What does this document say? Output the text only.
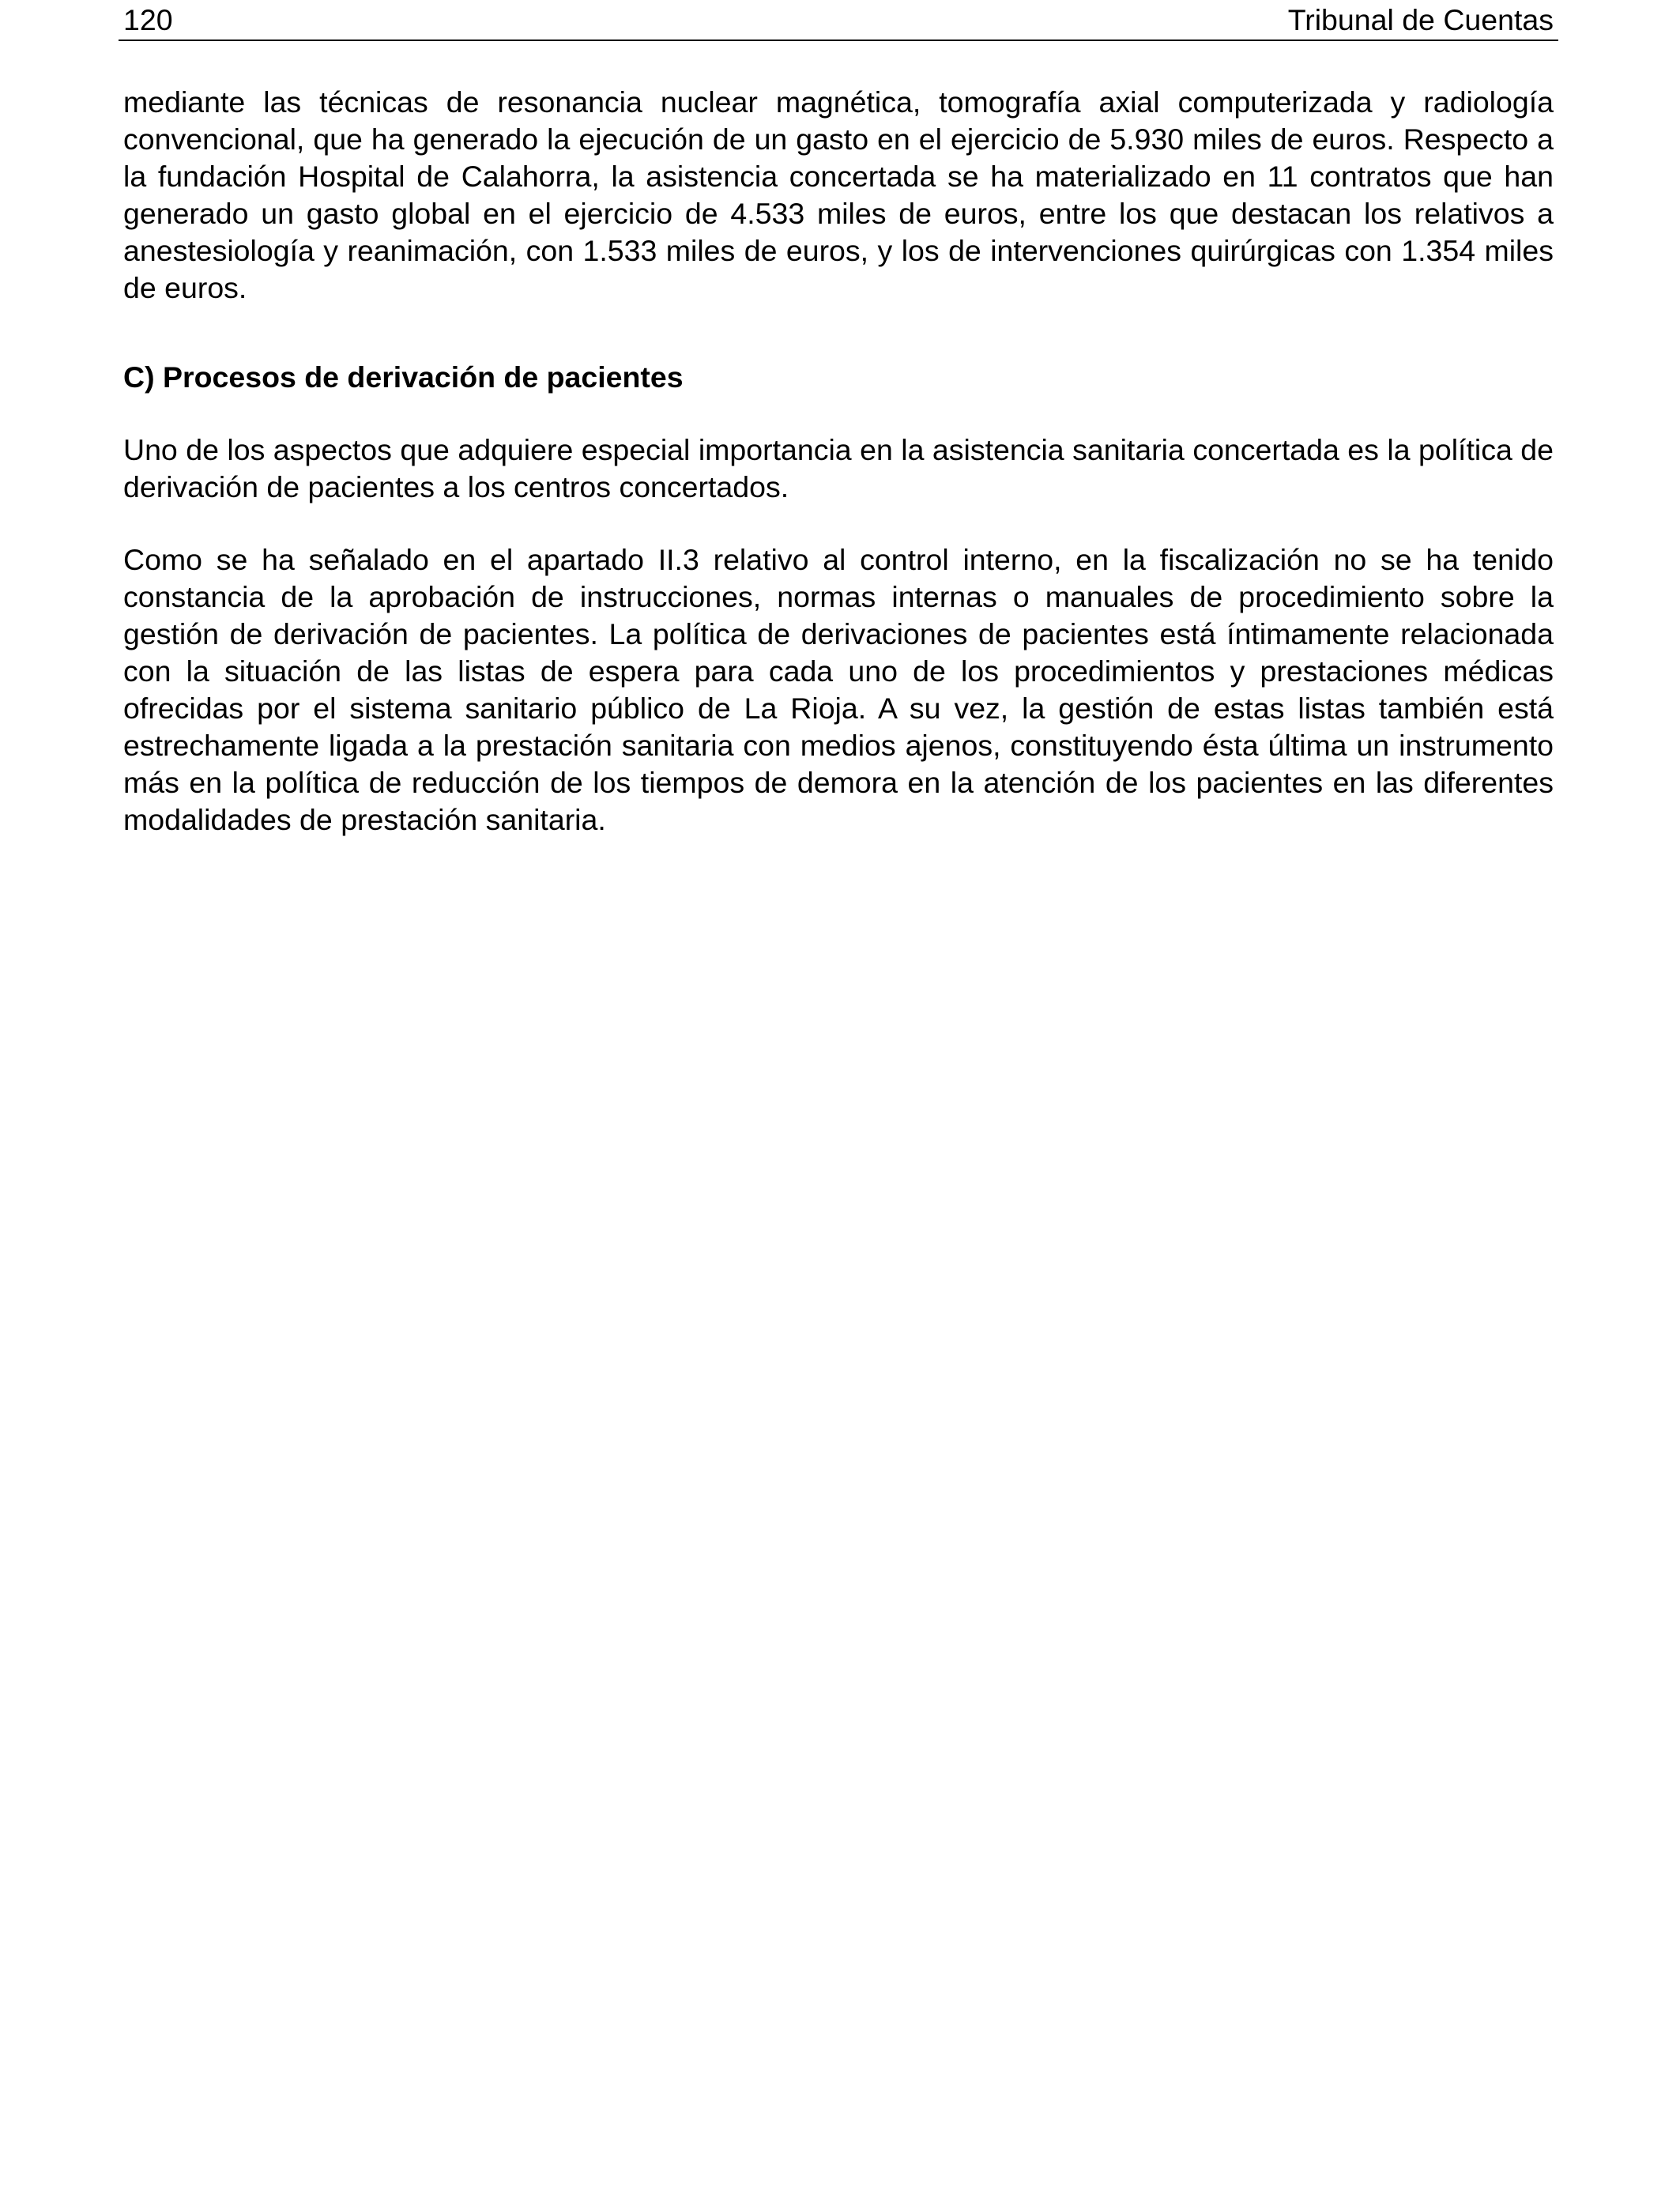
120	Tribunal de Cuentas

mediante las técnicas de resonancia nuclear magnética, tomografía axial computerizada y radiología convencional, que ha generado la ejecución de un gasto en el ejercicio de 5.930 miles de euros. Respecto a la fundación Hospital de Calahorra, la asistencia concertada se ha materializado en 11 contratos que han generado un gasto global en el ejercicio de 4.533 miles de euros, entre los que destacan los relativos a anestesiología y reanimación, con 1.533 miles de euros, y los de intervenciones quirúrgicas con 1.354 miles de euros.

C) Procesos de derivación de pacientes

Uno de los aspectos que adquiere especial importancia en la asistencia sanitaria concertada es la política de derivación de pacientes a los centros concertados.

Como se ha señalado en el apartado II.3 relativo al control interno, en la fiscalización no se ha tenido constancia de la aprobación de instrucciones, normas internas o manuales de procedimiento sobre la gestión de derivación de pacientes. La política de derivaciones de pacientes está íntimamente relacionada con la situación de las listas de espera para cada uno de los procedimientos y prestaciones médicas ofrecidas por el sistema sanitario público de La Rioja. A su vez, la gestión de estas listas también está estrechamente ligada a la prestación sanitaria con medios ajenos, constituyendo ésta última un instrumento más en la política de reducción de los tiempos de demora en la atención de los pacientes en las diferentes modalidades de prestación sanitaria.
